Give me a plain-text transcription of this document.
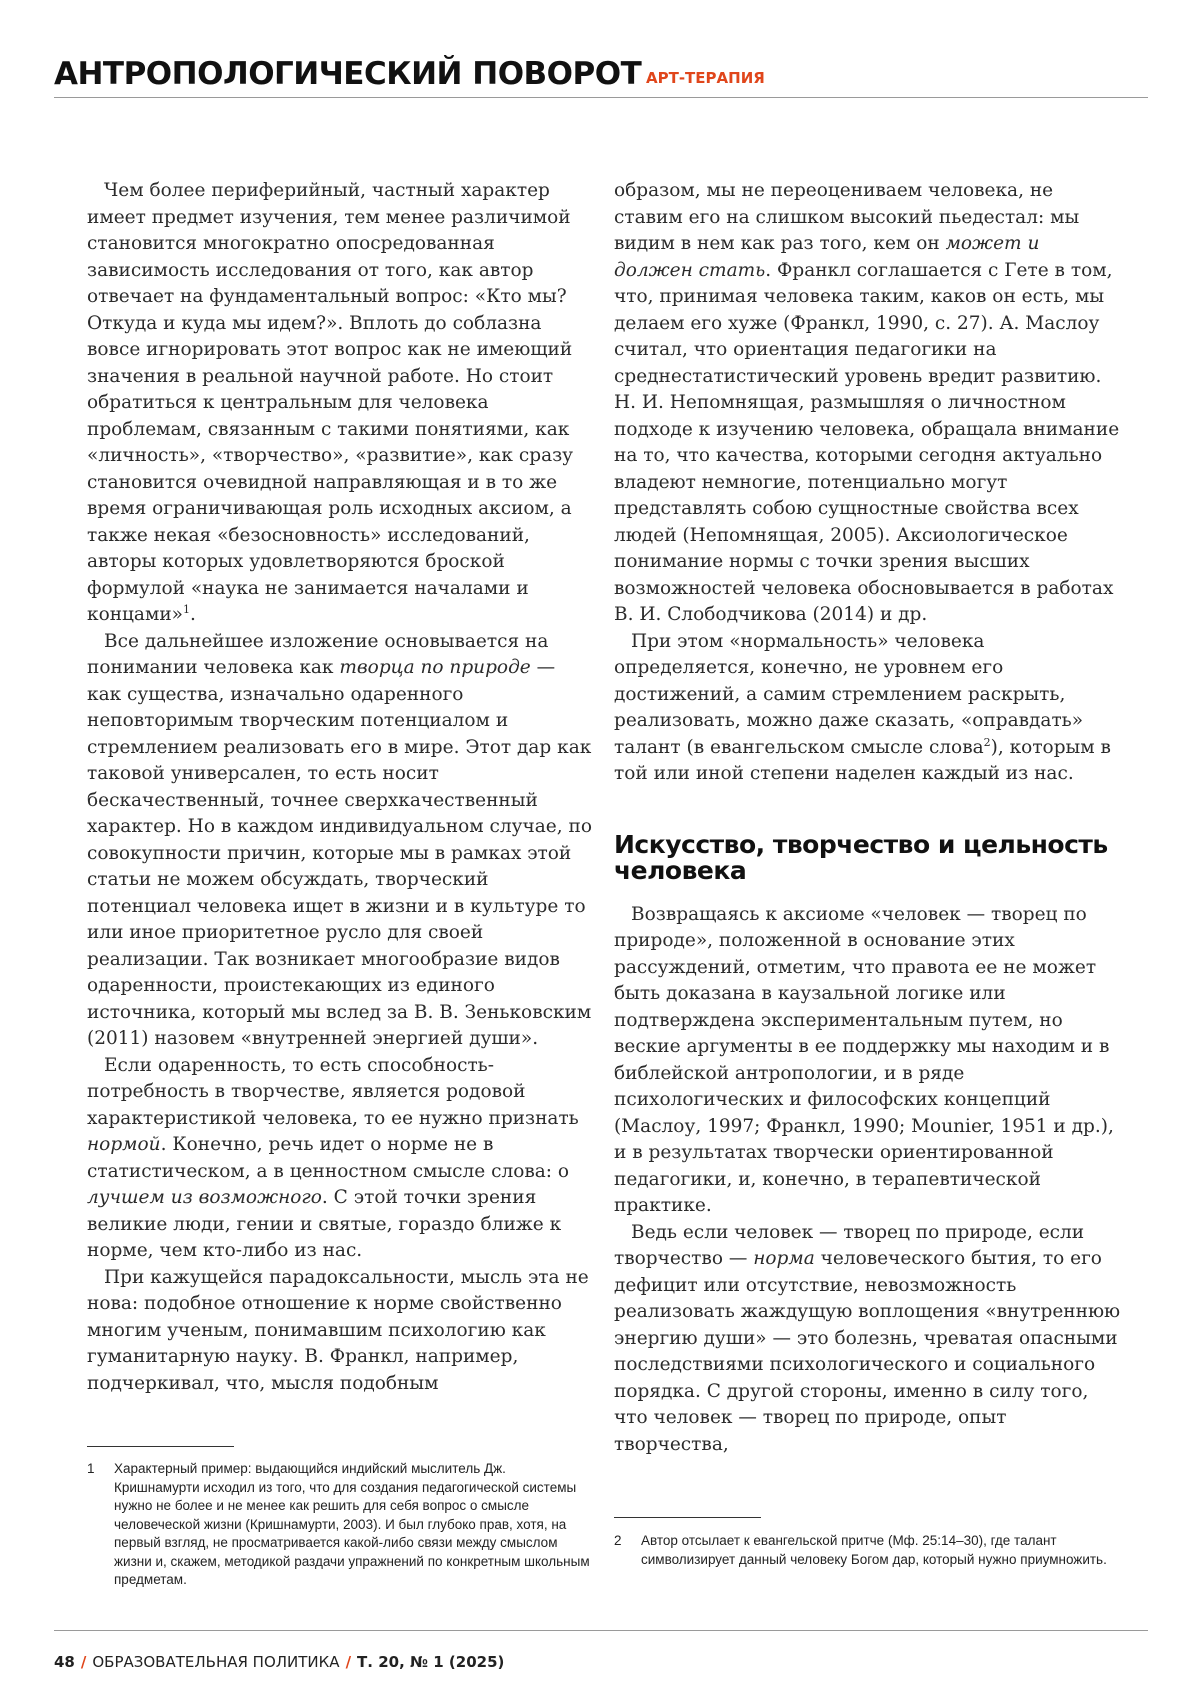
АНТРОПОЛОГИЧЕСКИЙ ПОВОРОТ АРТ-ТЕРАПИЯ

Чем более периферийный, частный характер имеет предмет изучения, тем менее различимой становится многократно опосредованная зависимость исследования от того, как автор отвечает на фундаментальный вопрос: «Кто мы? Откуда и куда мы идем?». Вплоть до соблазна вовсе игнорировать этот вопрос как не имеющий значения в реальной научной работе. Но стоит обратиться к центральным для человека проблемам, связанным с такими понятиями, как «личность», «творчество», «развитие», как сразу становится очевидной направляющая и в то же время ограничивающая роль исходных аксиом, а также некая «безосновность» исследований, авторы которых удовлетворяются броской формулой «наука не занимается началами и концами»1.

Все дальнейшее изложение основывается на понимании человека как творца по природе — как существа, изначально одаренного неповторимым творческим потенциалом и стремлением реализовать его в мире. Этот дар как таковой универсален, то есть носит бескачественный, точнее сверхкачественный характер. Но в каждом индивидуальном случае, по совокупности причин, которые мы в рамках этой статьи не можем обсуждать, творческий потенциал человека ищет в жизни и в культуре то или иное приоритетное русло для своей реализации. Так возникает многообразие видов одаренности, проистекающих из единого источника, который мы вслед за В. В. Зеньковским (2011) назовем «внутренней энергией души».

Если одаренность, то есть способность-потребность в творчестве, является родовой характеристикой человека, то ее нужно признать нормой. Конечно, речь идет о норме не в статистическом, а в ценностном смысле слова: о лучшем из возможного. С этой точки зрения великие люди, гении и святые, гораздо ближе к норме, чем кто-либо из нас.

При кажущейся парадоксальности, мысль эта не нова: подобное отношение к норме свойственно многим ученым, понимавшим психологию как гуманитарную науку. В. Франкл, например, подчеркивал, что, мысля подобным

образом, мы не переоцениваем человека, не ставим его на слишком высокий пьедестал: мы видим в нем как раз того, кем он может и должен стать. Франкл соглашается с Гете в том, что, принимая человека таким, каков он есть, мы делаем его хуже (Франкл, 1990, с. 27). А. Маслоу считал, что ориентация педагогики на среднестатистический уровень вредит развитию. Н. И. Непомнящая, размышляя о личностном подходе к изучению человека, обращала внимание на то, что качества, которыми сегодня актуально владеют немногие, потенциально могут представлять собою сущностные свойства всех людей (Непомнящая, 2005). Аксиологическое понимание нормы с точки зрения высших возможностей человека обосновывается в работах В. И. Слободчикова (2014) и др.

При этом «нормальность» человека определяется, конечно, не уровнем его достижений, а самим стремлением раскрыть, реализовать, можно даже сказать, «оправдать» талант (в евангельском смысле слова2), которым в той или иной степени наделен каждый из нас.

Искусство, творчество и цельность человека

Возвращаясь к аксиоме «человек — творец по природе», положенной в основание этих рассуждений, отметим, что правота ее не может быть доказана в каузальной логике или подтверждена экспериментальным путем, но веские аргументы в ее поддержку мы находим и в библейской антропологии, и в ряде психологических и философских концепций (Маслоу, 1997; Франкл, 1990; Mounier, 1951 и др.), и в результатах творчески ориентированной педагогики, и, конечно, в терапевтической практике.

Ведь если человек — творец по природе, если творчество — норма человеческого бытия, то его дефицит или отсутствие, невозможность реализовать жаждущую воплощения «внутреннюю энергию души» — это болезнь, чреватая опасными последствиями психологического и социального порядка. С другой стороны, именно в силу того, что человек — творец по природе, опыт творчества,

1 Характерный пример: выдающийся индийский мыслитель Дж. Кришнамурти исходил из того, что для создания педагогической системы нужно не более и не менее как решить для себя вопрос о смысле человеческой жизни (Кришнамурти, 2003). И был глубоко прав, хотя, на первый взгляд, не просматривается какой-либо связи между смыслом жизни и, скажем, методикой раздачи упражнений по конкретным школьным предметам.
2 Автор отсылает к евангельской притче (Мф. 25:14–30), где талант символизирует данный человеку Богом дар, который нужно приумножить.
48 / ОБРАЗОВАТЕЛЬНАЯ ПОЛИТИКА / Т. 20, № 1 (2025)
